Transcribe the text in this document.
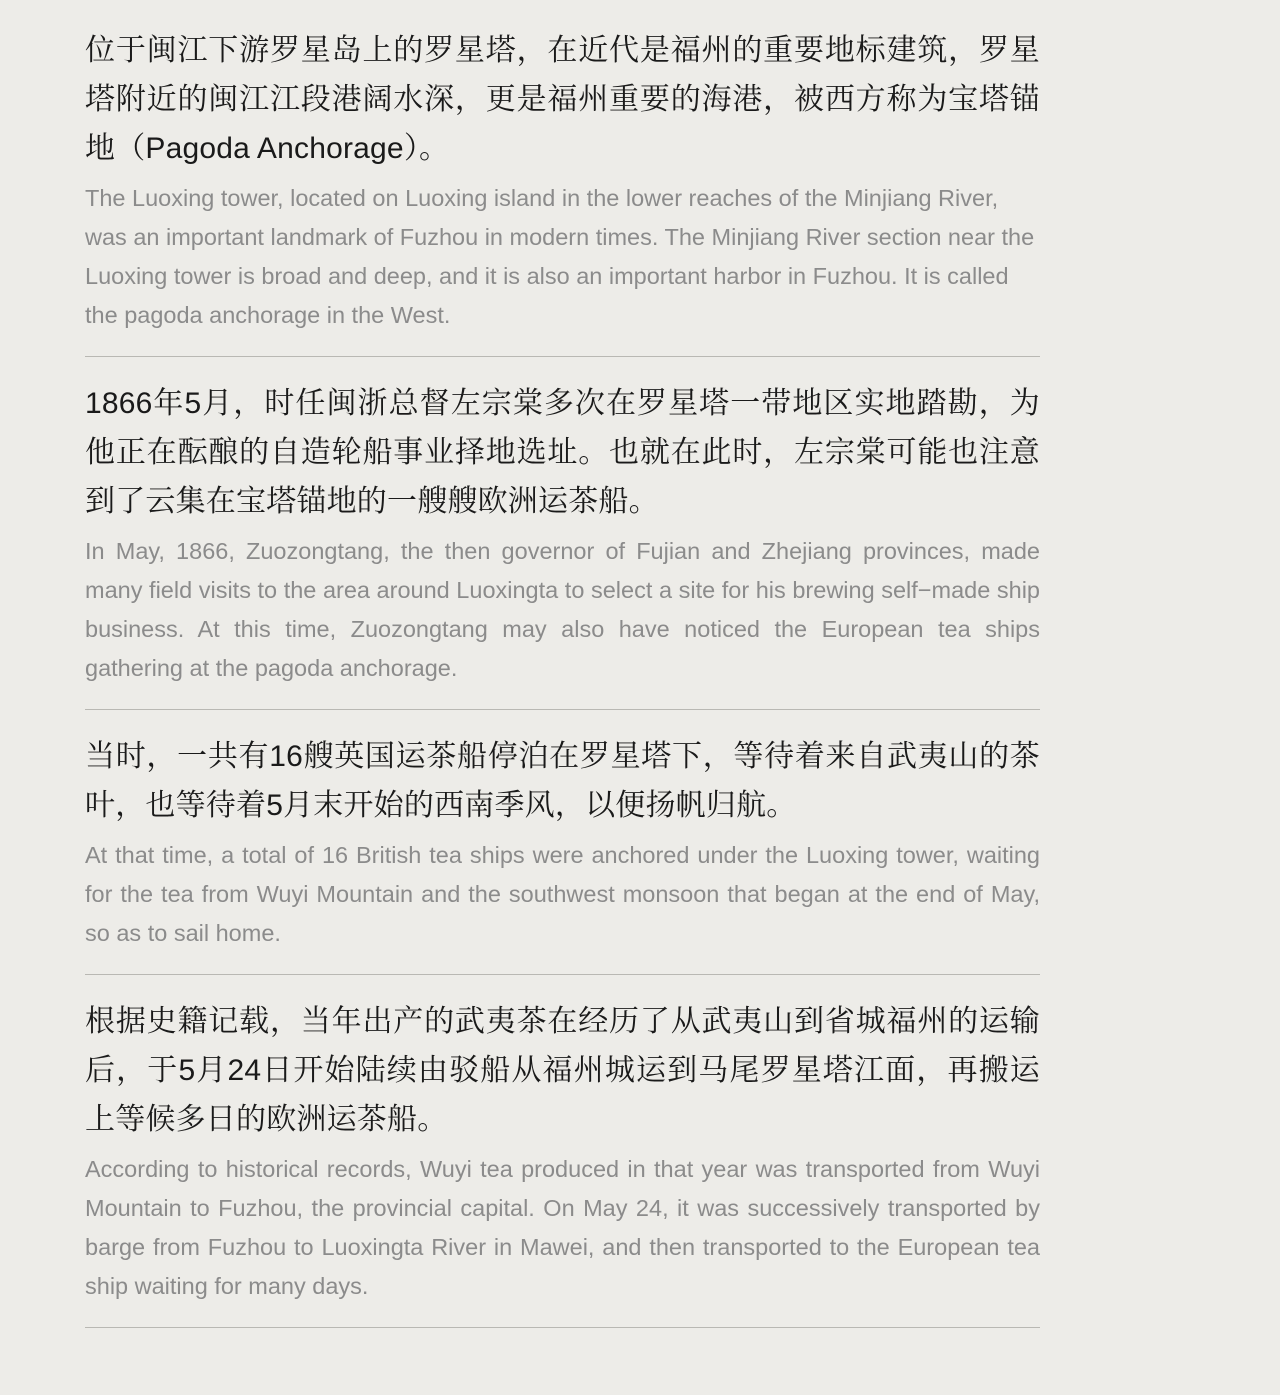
位于闽江下游罗星岛上的罗星塔，在近代是福州的重要地标建筑，罗星塔附近的闽江江段港阔水深，更是福州重要的海港，被西方称为宝塔锚地（Pagoda Anchorage）。

The Luoxing tower, located on Luoxing island in the lower reaches of the Minjiang River, was an important landmark of Fuzhou in modern times. The Minjiang River section near the Luoxing tower is broad and deep, and it is also an important harbor in Fuzhou. It is called the pagoda anchorage in the West.

1866年5月，时任闽浙总督左宗棠多次在罗星塔一带地区实地踏勘，为他正在酝酿的自造轮船事业择地选址。也就在此时，左宗棠可能也注意到了云集在宝塔锚地的一艘艘欧洲运茶船。

In May, 1866, Zuozongtang, the then governor of Fujian and Zhejiang provinces, made many field visits to the area around Luoxingta to select a site for his brewing self−made ship business. At this time, Zuozongtang may also have noticed the European tea ships gathering at the pagoda anchorage.

当时，一共有16艘英国运茶船停泊在罗星塔下，等待着来自武夷山的茶叶，也等待着5月末开始的西南季风，以便扬帆归航。

At that time, a total of 16 British tea ships were anchored under the Luoxing tower, waiting for the tea from Wuyi Mountain and the southwest monsoon that began at the end of May, so as to sail home.

根据史籍记载，当年出产的武夷茶在经历了从武夷山到省城福州的运输后，于5月24日开始陆续由驳船从福州城运到马尾罗星塔江面，再搬运上等候多日的欧洲运茶船。

According to historical records, Wuyi tea produced in that year was transported from Wuyi Mountain to Fuzhou, the provincial capital. On May 24, it was successively transported by barge from Fuzhou to Luoxingta River in Mawei, and then transported to the European tea ship waiting for many days.
